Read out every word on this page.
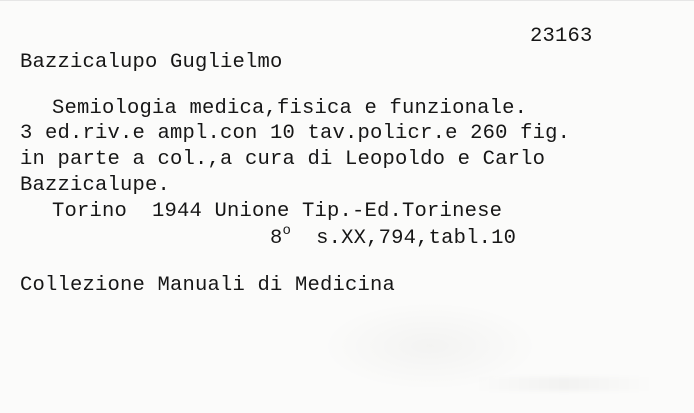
23163

Bazzicalupo Guglielmo

Semiologia medica,fisica e funzionale.

3 ed.riv.e ampl.con 10 tav.policr.e 260 fig.

in parte a col.,a cura di Leopoldo e Carlo

Bazzicalupe.

Torino  1944 Unione Tip.-Ed.Torinese

8$^o$ s.XX,794,tabl.10

Collezione Manuali di Medicina
